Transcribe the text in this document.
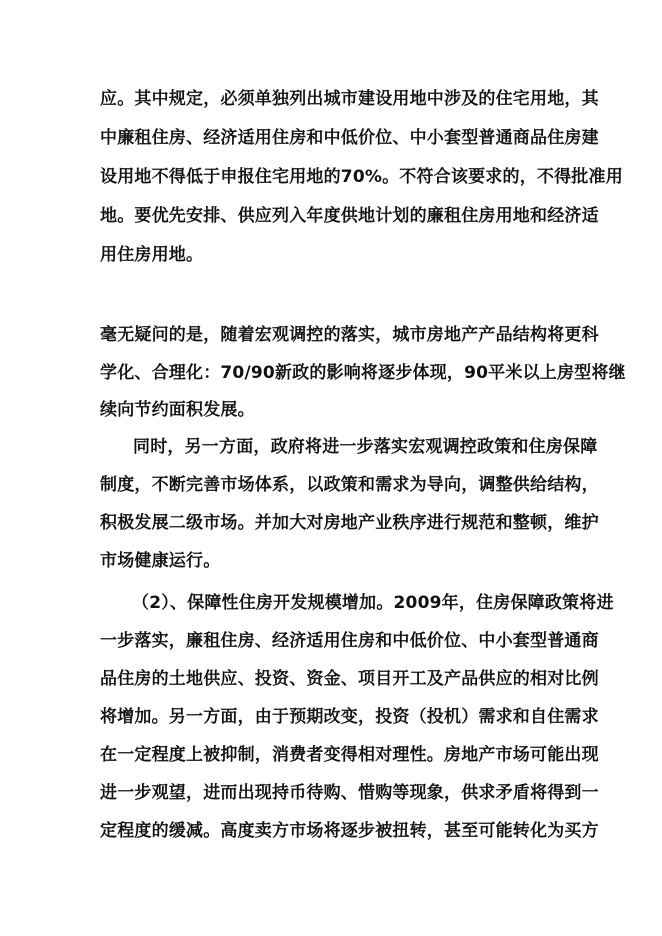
应。其中规定，必须单独列出城市建设用地中涉及的住宅用地，其
中廉租住房、经济适用住房和中低价位、中小套型普通商品住房建
设用地不得低于申报住宅用地的70%。不符合该要求的，不得批准用
地。要优先安排、供应列入年度供地计划的廉租住房用地和经济适
用住房用地。
毫无疑问的是，随着宏观调控的落实，城市房地产产品结构将更科
学化、合理化：70/90新政的影响将逐步体现，90平米以上房型将继
续向节约面积发展。
同时，另一方面，政府将进一步落实宏观调控政策和住房保障
制度，不断完善市场体系，以政策和需求为导向，调整供给结构，
积极发展二级市场。并加大对房地产业秩序进行规范和整顿，维护
市场健康运行。
（2）、保障性住房开发规模增加。2009年，住房保障政策将进
一步落实，廉租住房、经济适用住房和中低价位、中小套型普通商
品住房的土地供应、投资、资金、项目开工及产品供应的相对比例
将增加。另一方面，由于预期改变，投资（投机）需求和自住需求
在一定程度上被抑制，消费者变得相对理性。房地产市场可能出现
进一步观望，进而出现持币待购、惜购等现象，供求矛盾将得到一
定程度的缓减。高度卖方市场将逐步被扭转，甚至可能转化为买方
